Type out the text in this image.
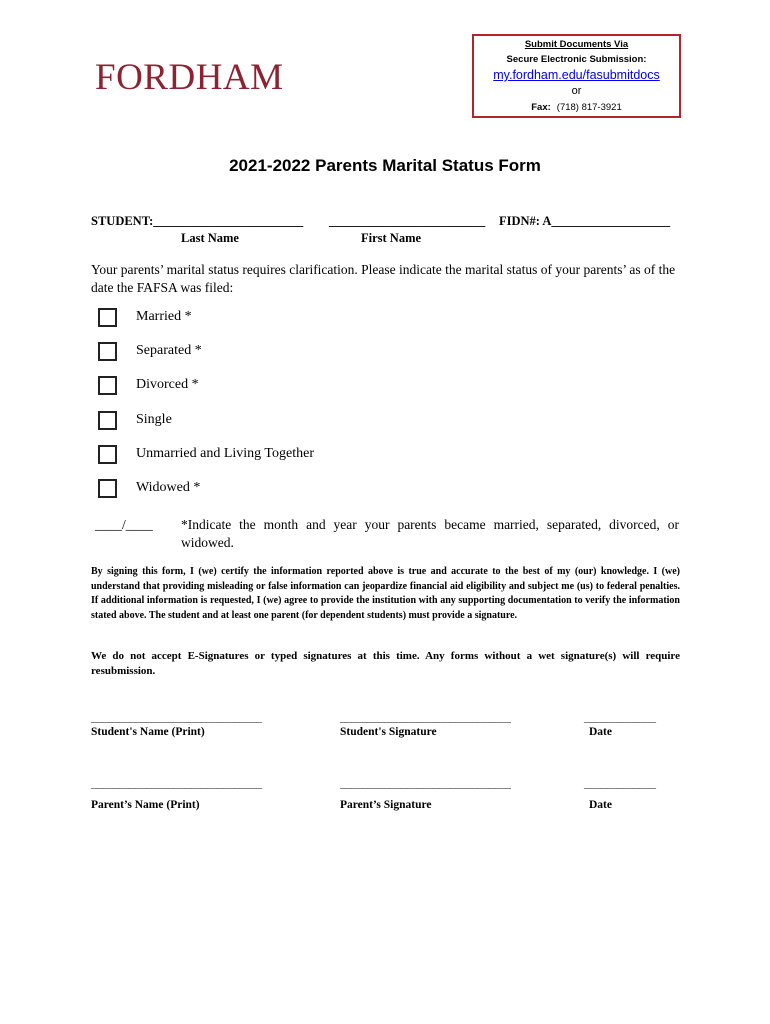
FORDHAM
Submit Documents Via
Secure Electronic Submission:
my.fordham.edu/fasubmitdocs
or
Fax: (718) 817-3921
2021-2022 Parents Marital Status Form
STUDENT:________________________ _________________________ FIDN#: A___________________
Last Name	First Name
Your parents’ marital status requires clarification. Please indicate the marital status of your parents’ as of the date the FAFSA was filed:
Married *
Separated *
Divorced *
Single
Unmarried and Living Together
Widowed *
____/____ *Indicate the month and year your parents became married, separated, divorced, or widowed.
By signing this form, I (we) certify the information reported above is true and accurate to the best of my (our) knowledge. I (we) understand that providing misleading or false information can jeopardize financial aid eligibility and subject me (us) to federal penalties. If additional information is requested, I (we) agree to provide the institution with any supporting documentation to verify the information stated above. The student and at least one parent (for dependent students) must provide a signature.
We do not accept E-Signatures or typed signatures at this time. Any forms without a wet signature(s) will require resubmission.
_______________________________	_______________________________	_____________
Student's Name (Print)	Student's Signature	Date
_______________________________	_______________________________	_____________
Parent’s Name (Print)	Parent’s Signature	Date
